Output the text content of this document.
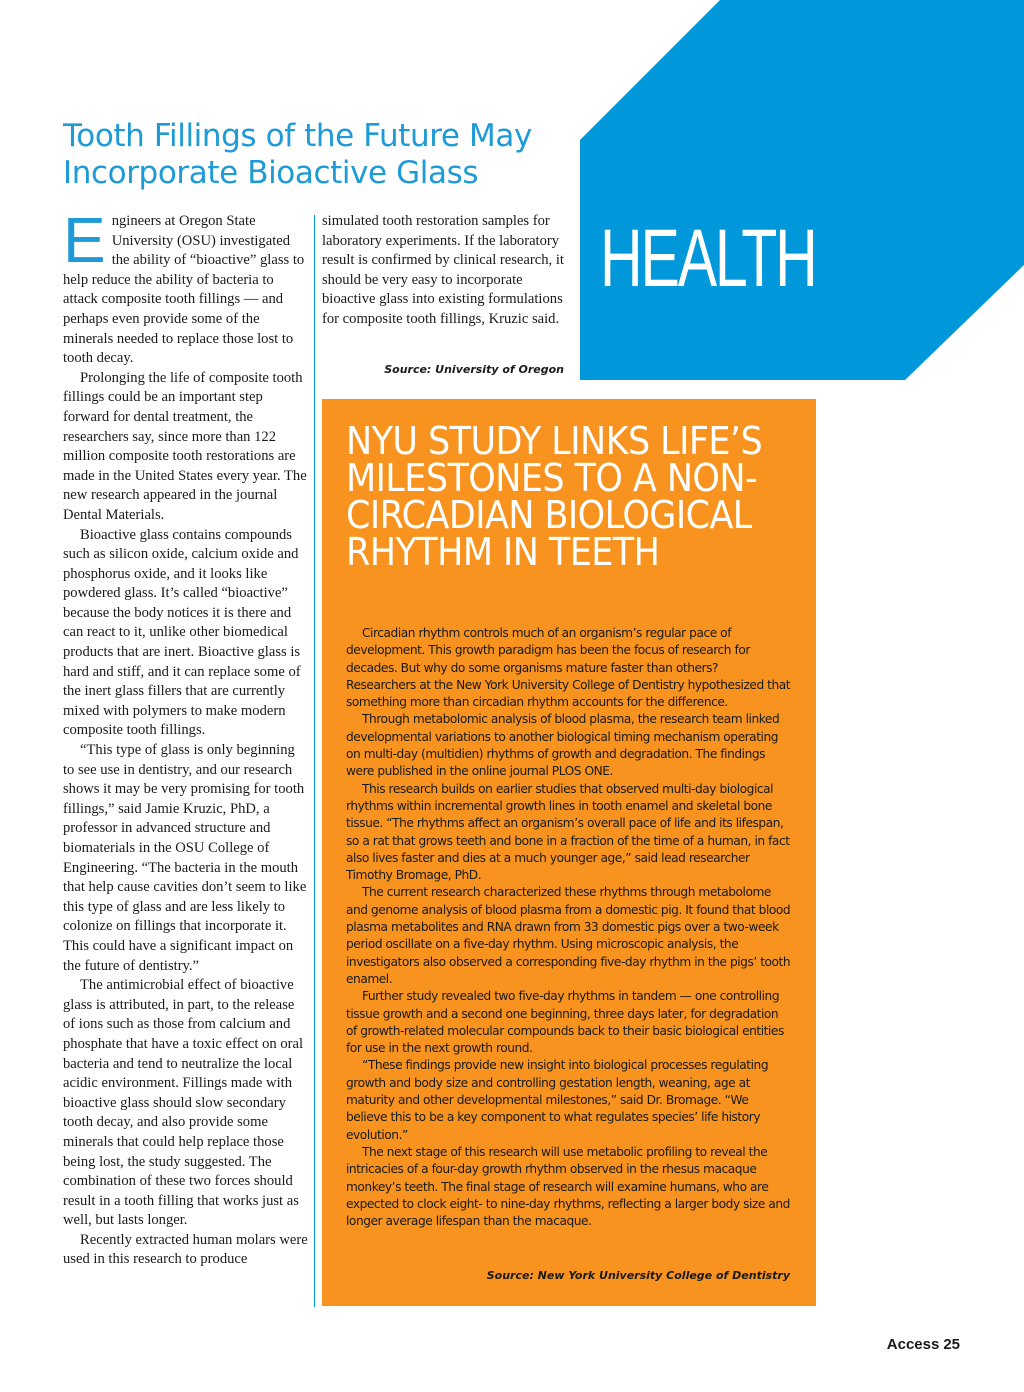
HEALTH
Tooth Fillings of the Future May Incorporate Bioactive Glass

Engineers at Oregon State University (OSU) investigated the ability of “bioactive” glass to help reduce the ability of bacteria to attack composite tooth fillings — and perhaps even provide some of the minerals needed to replace those lost to tooth decay.

Prolonging the life of composite tooth fillings could be an important step forward for dental treatment, the researchers say, since more than 122 million composite tooth restorations are made in the United States every year. The new research appeared in the journal Dental Materials.

Bioactive glass contains compounds such as silicon oxide, calcium oxide and phosphorus oxide, and it looks like powdered glass. It’s called “bioactive” because the body notices it is there and can react to it, unlike other biomedical products that are inert. Bioactive glass is hard and stiff, and it can replace some of the inert glass fillers that are currently mixed with polymers to make modern composite tooth fillings.

“This type of glass is only beginning to see use in dentistry, and our research shows it may be very promising for tooth fillings,” said Jamie Kruzic, PhD, a professor in advanced structure and biomaterials in the OSU College of Engineering. “The bacteria in the mouth that help cause cavities don’t seem to like this type of glass and are less likely to colonize on fillings that incorporate it. This could have a significant impact on the future of dentistry.”

The antimicrobial effect of bioactive glass is attributed, in part, to the release of ions such as those from calcium and phosphate that have a toxic effect on oral bacteria and tend to neutralize the local acidic environment. Fillings made with bioactive glass should slow secondary tooth decay, and also provide some minerals that could help replace those being lost, the study suggested. The combination of these two forces should result in a tooth filling that works just as well, but lasts longer.

Recently extracted human molars were used in this research to produce

simulated tooth restoration samples for laboratory experiments. If the laboratory result is confirmed by clinical research, it should be very easy to incorporate bioactive glass into existing formulations for composite tooth fillings, Kruzic said.

Source: University of Oregon
NYU STUDY LINKS LIFE’S MILESTONES TO A NON-CIRCADIAN BIOLOGICAL RHYTHM IN TEETH

Circadian rhythm controls much of an organism’s regular pace of development. This growth paradigm has been the focus of research for decades. But why do some organisms mature faster than others? Researchers at the New York University College of Dentistry hypothesized that something more than circadian rhythm accounts for the difference.

Through metabolomic analysis of blood plasma, the research team linked developmental variations to another biological timing mechanism operating on multi-day (multidien) rhythms of growth and degradation. The findings were published in the online journal PLOS ONE.

This research builds on earlier studies that observed multi-day biological rhythms within incremental growth lines in tooth enamel and skeletal bone tissue. “The rhythms affect an organism’s overall pace of life and its lifespan, so a rat that grows teeth and bone in a fraction of the time of a human, in fact also lives faster and dies at a much younger age,” said lead researcher Timothy Bromage, PhD.

The current research characterized these rhythms through metabolome and genome analysis of blood plasma from a domestic pig. It found that blood plasma metabolites and RNA drawn from 33 domestic pigs over a two-week period oscillate on a five-day rhythm. Using microscopic analysis, the investigators also observed a corresponding five-day rhythm in the pigs’ tooth enamel.

Further study revealed two five-day rhythms in tandem — one controlling tissue growth and a second one beginning, three days later, for degradation of growth-related molecular compounds back to their basic biological entities for use in the next growth round.

“These findings provide new insight into biological processes regulating growth and body size and controlling gestation length, weaning, age at maturity and other developmental milestones,” said Dr. Bromage. “We believe this to be a key component to what regulates species’ life history evolution.”

The next stage of this research will use metabolic profiling to reveal the intricacies of a four-day growth rhythm observed in the rhesus macaque monkey’s teeth. The final stage of research will examine humans, who are expected to clock eight- to nine-day rhythms, reflecting a larger body size and longer average lifespan than the macaque.

Source: New York University College of Dentistry
Access 25
